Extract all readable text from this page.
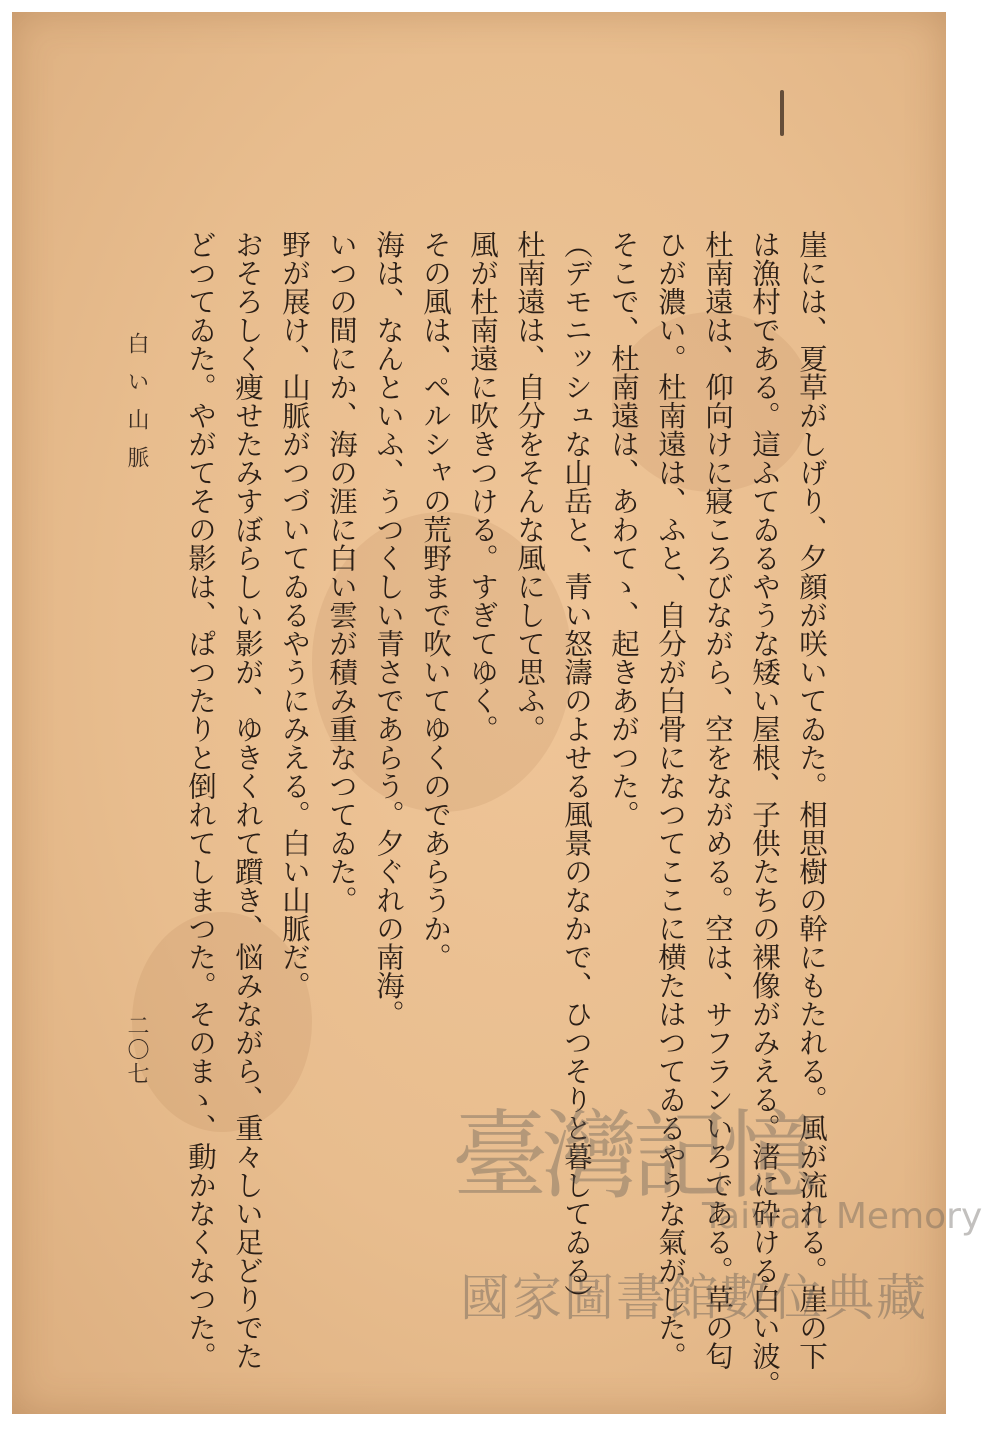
崖には、夏草がしげり、夕顔が咲いてゐた。相思樹の幹にもたれる。風が流れる。崖の下
は漁村である。這ふてゐるやうな矮い屋根、子供たちの裸像がみえる。渚に砕ける白い波。
杜南遠は、仰向けに寢ころびながら、空をながめる。空は、サフランいろである。草の匂
ひが濃い。杜南遠は、ふと、自分が白骨になつてここに横たはつてゐるやうな氣がした。
そこで、杜南遠は、あわてゝ、起きあがつた。
（デモニッシュな山岳と、青い怒濤のよせる風景のなかで、ひつそりと暮してゐる）
杜南遠は、自分をそんな風にして思ふ。
風が杜南遠に吹きつける。すぎてゆく。
その風は、ペルシャの荒野まで吹いてゆくのであらうか。
海は、なんといふ、うつくしい青さであらう。夕ぐれの南海。
いつの間にか、海の涯に白い雲が積み重なつてゐた。
野が展け、山脈がつづいてゐるやうにみえる。白い山脈だ。
おそろしく痩せたみすぼらしい影が、ゆきくれて躓き、悩みながら、重々しい足どりでた
どつてゐた。やがてその影は、ぱつたりと倒れてしまつた。そのまゝ、動かなくなつた。
白い山脈
二〇七
臺灣記憶
Taiwan Memory
國家圖書館數位典藏
